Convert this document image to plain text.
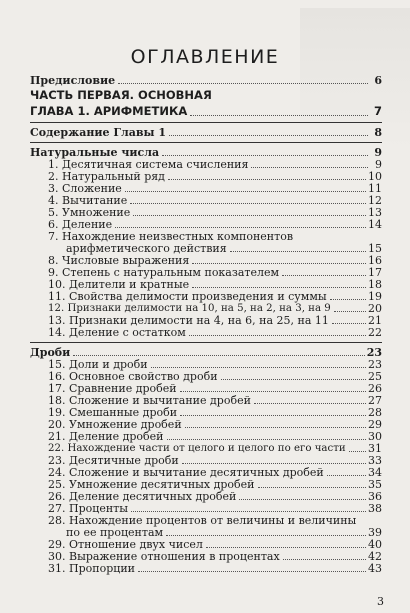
ОГЛАВЛЕНИЕ
Предисловие	6
ЧАСТЬ ПЕРВАЯ. ОСНОВНАЯ
ГЛАВА 1. АРИФМЕТИКА	7
Содержание Главы 1	8
Натуральные числа	9
1. Десятичная система счисления	9
2. Натуральный ряд	10
3. Сложение	11
4. Вычитание	12
5. Умножение	13
6. Деление	14
7. Нахождение неизвестных компонентов
арифметического действия	15
8. Числовые выражения	16
9. Степень с натуральным показателем	17
10. Делители и кратные	18
11. Свойства делимости произведения и суммы	19
12. Признаки делимости на 10, на 5, на 2, на 3, на 9	20
13. Признаки делимости на 4, на 6, на 25, на 11	21
14. Деление с остатком	22
Дроби	23
15. Доли и дроби	23
16. Основное свойство дроби	25
17. Сравнение дробей	26
18. Сложение и вычитание дробей	27
19. Смешанные дроби	28
20. Умножение дробей	29
21. Деление дробей	30
22. Нахождение части от целого и целого по его части 31
23. Десятичные дроби	33
24. Сложение и вычитание десятичных дробей	34
25. Умножение десятичных дробей	35
26. Деление десятичных дробей	36
27. Проценты	38
28. Нахождение процентов от величины и величины
по ее процентам	39
29. Отношение двух чисел	40
30. Выражение отношения в процентах	42
31. Пропорции	43
3
